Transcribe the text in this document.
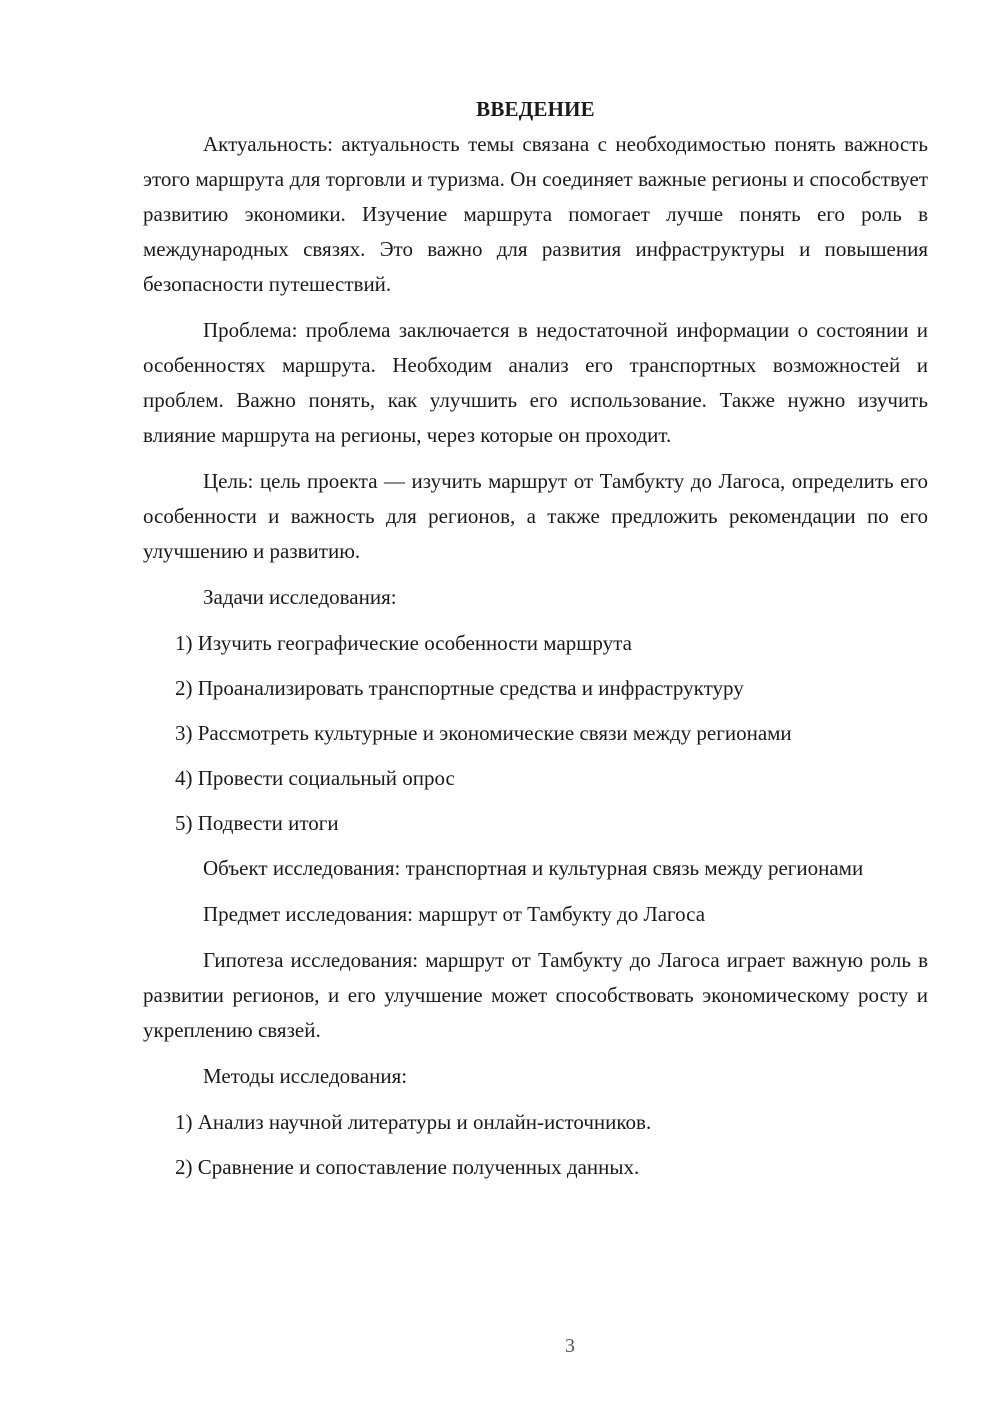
ВВЕДЕНИЕ

Актуальность: актуальность темы связана с необходимостью понять важность этого маршрута для торговли и туризма. Он соединяет важные регионы и способствует развитию экономики. Изучение маршрута помогает лучше понять его роль в международных связях. Это важно для развития инфраструктуры и повышения безопасности путешествий.

Проблема: проблема заключается в недостаточной информации о состоянии и особенностях маршрута. Необходим анализ его транспортных возможностей и проблем. Важно понять, как улучшить его использование. Также нужно изучить влияние маршрута на регионы, через которые он проходит.

Цель: цель проекта — изучить маршрут от Тамбукту до Лагоса, определить его особенности и важность для регионов, а также предложить рекомендации по его улучшению и развитию.

Задачи исследования:

1) Изучить географические особенности маршрута
2) Проанализировать транспортные средства и инфраструктуру
3) Рассмотреть культурные и экономические связи между регионами
4) Провести социальный опрос
5) Подвести итоги

Объект исследования: транспортная и культурная связь между регионами

Предмет исследования: маршрут от Тамбукту до Лагоса

Гипотеза исследования: маршрут от Тамбукту до Лагоса играет важную роль в развитии регионов, и его улучшение может способствовать экономическому росту и укреплению связей.

Методы исследования:

1) Анализ научной литературы и онлайн-источников.
2) Сравнение и сопоставление полученных данных.
3
